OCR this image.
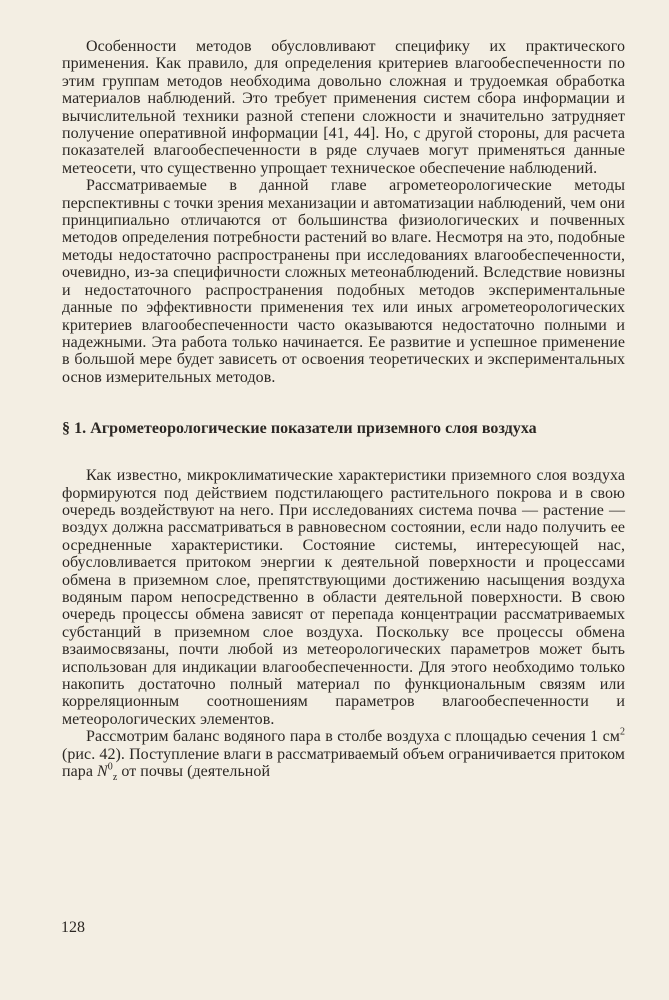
Особенности методов обусловливают специфику их практического применения. Как правило, для определения критериев влагообеспеченности по этим группам методов необходима довольно сложная и трудоемкая обработка материалов наблюдений. Это требует применения систем сбора информации и вычислительной техники разной степени сложности и значительно затрудняет получение оперативной информации [41, 44]. Но, с другой стороны, для расчета показателей влагообеспеченности в ряде случаев могут применяться данные метеосети, что существенно упрощает техническое обеспечение наблюдений.

Рассматриваемые в данной главе агрометеорологические методы перспективны с точки зрения механизации и автоматизации наблюдений, чем они принципиально отличаются от большинства физиологических и почвенных методов определения потребности растений во влаге. Несмотря на это, подобные методы недостаточно распространены при исследованиях влагообеспеченности, очевидно, из-за специфичности сложных метеонаблюдений. Вследствие новизны и недостаточного распространения подобных методов экспериментальные данные по эффективности применения тех или иных агрометеорологических критериев влагообеспеченности часто оказываются недостаточно полными и надежными. Эта работа только начинается. Ее развитие и успешное применение в большой мере будет зависеть от освоения теоретических и экспериментальных основ измерительных методов.

§ 1. Агрометеорологические показатели приземного слоя воздуха

Как известно, микроклиматические характеристики приземного слоя воздуха формируются под действием подстилающего растительного покрова и в свою очередь воздействуют на него. При исследованиях система почва — растение — воздух должна рассматриваться в равновесном состоянии, если надо получить ее осредненные характеристики. Состояние системы, интересующей нас, обусловливается притоком энергии к деятельной поверхности и процессами обмена в приземном слое, препятствующими достижению насыщения воздуха водяным паром непосредственно в области деятельной поверхности. В свою очередь процессы обмена зависят от перепада концентрации рассматриваемых субстанций в приземном слое воздуха. Поскольку все процессы обмена взаимосвязаны, почти любой из метеорологических параметров может быть использован для индикации влагообеспеченности. Для этого необходимо только накопить достаточно полный материал по функциональным связям или корреляционным соотношениям параметров влагообеспеченности и метеорологических элементов.

Рассмотрим баланс водяного пара в столбе воздуха с площадью сечения 1 $см^2$ (рис. 42). Поступление влаги в рассматриваемый объем ограничивается притоком пара $N^0_z$ от почвы (деятельной

128
